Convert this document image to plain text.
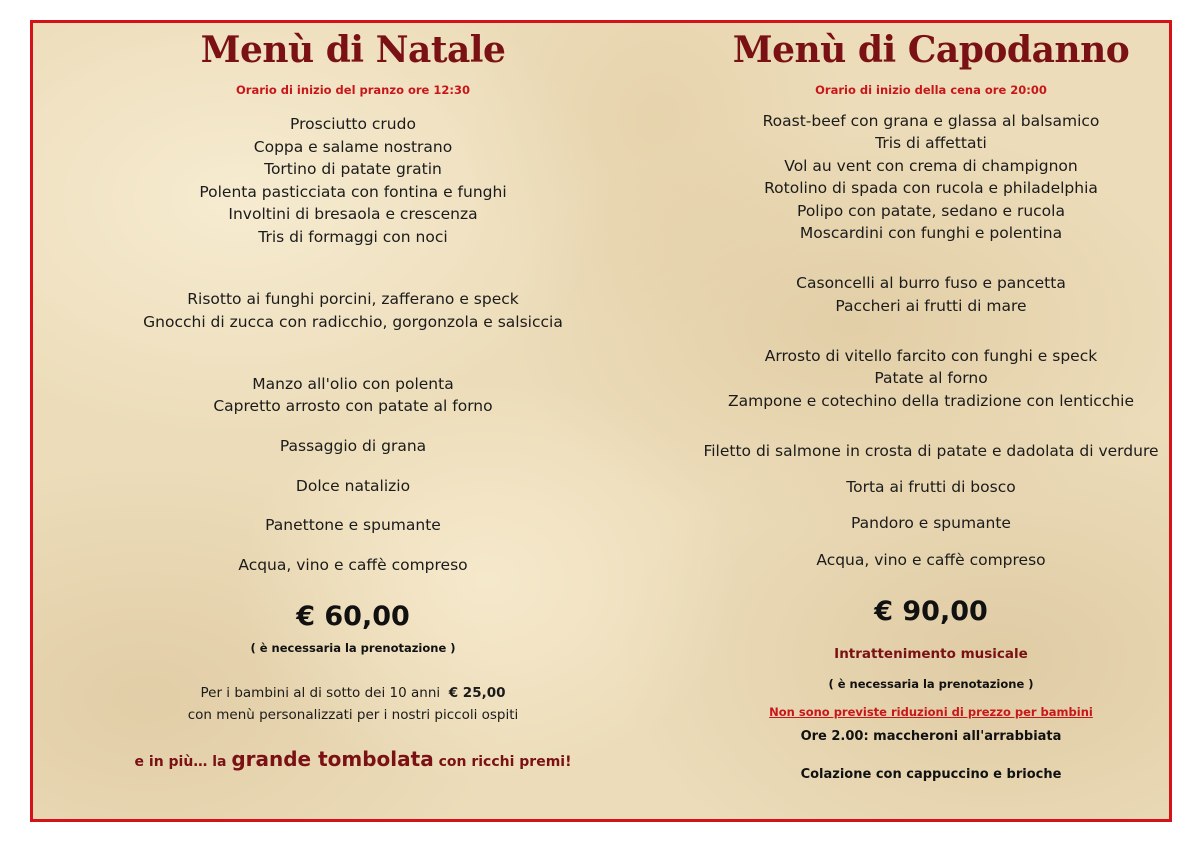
Menù di Natale
Orario di inizio del pranzo ore 12:30
Prosciutto crudo
Coppa e salame nostrano
Tortino di patate gratin
Polenta pasticciata con fontina e funghi
Involtini di bresaola e crescenza
Tris di formaggi con noci
Risotto ai funghi porcini, zafferano e speck
Gnocchi di zucca con radicchio, gorgonzola e salsiccia
Manzo all'olio con polenta
Capretto arrosto con patate al forno
Passaggio di grana
Dolce natalizio
Panettone e spumante
Acqua, vino e caffè compreso
€ 60,00
( è necessaria la prenotazione )
Per i bambini al di sotto dei 10 anni € 25,00
con menù personalizzati per i nostri piccoli ospiti
e in più… la grande tombolata con ricchi premi!
Menù di Capodanno
Orario di inizio della cena ore 20:00
Roast-beef con grana e glassa al balsamico
Tris di affettati
Vol au vent con crema di champignon
Rotolino di spada con rucola e philadelphia
Polipo con patate, sedano e rucola
Moscardini con funghi e polentina
Casoncelli al burro fuso e pancetta
Paccheri ai frutti di mare
Arrosto di vitello farcito con funghi e speck
Patate al forno
Zampone e cotechino della tradizione con lenticchie
Filetto di salmone in crosta di patate e dadolata di verdure
Torta ai frutti di bosco
Pandoro e spumante
Acqua, vino e caffè compreso
€ 90,00
Intrattenimento musicale
( è necessaria la prenotazione )
Non sono previste riduzioni di prezzo per bambini
Ore 2.00: maccheroni all'arrabbiata
Colazione con cappuccino e brioche
